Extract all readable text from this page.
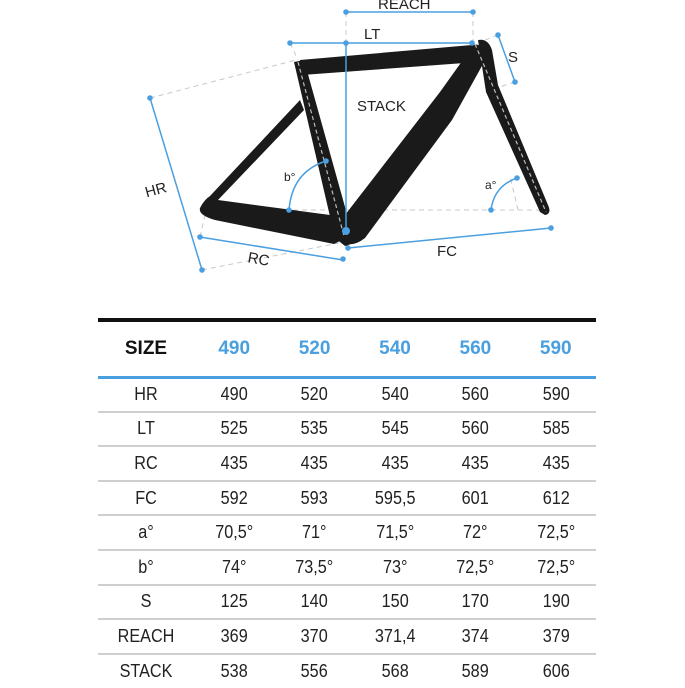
REACH
LT
S
STACK
HR
b°
a°
RC	FC
SIZE	490	520	540	560	590
HR	490	520	540	560	590
LT	525	535	545	560	585
RC	435	435	435	435	435
FC	592	593	595,5	601	612
a°	70,5°	71°	71,5°	72°	72,5°
b°	74°	73,5°	73°	72,5°	72,5°
S	125	140	150	170	190
REACH	369	370	371,4	374	379
STACK	538	556	568	589	606
